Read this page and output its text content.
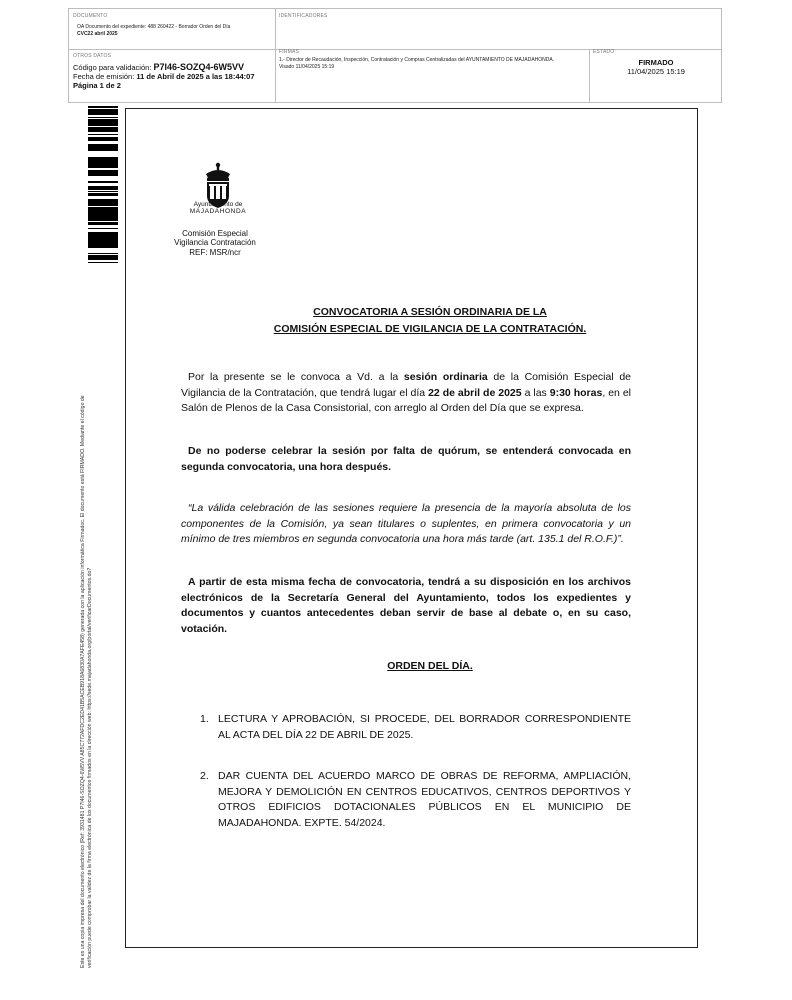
DOCUMENTO
OA Documento del expediente: 488 260422 - Borrador Orden del Día
CVC22 abril 2025
IDENTIFICADORES
OTROS DATOS
Código para validación: P7I46-SOZQ4-6W5VV
Fecha de emisión: 11 de Abril de 2025 a las 18:44:07
Página 1 de 2
FIRMAS
1.- Director de Recaudación, Inspección, Contratación y Compras Centralizadas del AYUNTAMIENTO DE MAJADAHONDA. Visado 11/04/2025 15:19
ESTADO
FIRMADO
11/04/2025 15:19
Este es una copia impresa del documento electrónico (Ref: 3931481 P7I46-SOZQ4-6W5VV A85C772AFDC2ED41B5ACEB918A6830A7AFE458) generada con la aplicación informática Firmadoc. El documento está FIRMADO. Mediante el código de verificación puede comprobar la validez de la firma electrónica de los documentos firmados en la dirección web: https://sede.majadahonda.org/portal/verificarDocumentos.do?
Ayuntamiento de
MAJADAHONDA
Comisión Especial
Vigilancia Contratación
REF: MSR/ncr
CONVOCATORIA A SESIÓN ORDINARIA DE LA
COMISIÓN ESPECIAL DE VIGILANCIA DE LA CONTRATACIÓN.
Por la presente se le convoca a Vd. a la sesión ordinaria de la Comisión Especial de Vigilancia de la Contratación, que tendrá lugar el día 22 de abril de 2025 a las 9:30 horas, en el Salón de Plenos de la Casa Consistorial, con arreglo al Orden del Día que se expresa.
De no poderse celebrar la sesión por falta de quórum, se entenderá convocada en segunda convocatoria, una hora después.
“La válida celebración de las sesiones requiere la presencia de la mayoría absoluta de los componentes de la Comisión, ya sean titulares o suplentes, en primera convocatoria y un mínimo de tres miembros en segunda convocatoria una hora más tarde (art. 135.1 del R.O.F.)”.
A partir de esta misma fecha de convocatoria, tendrá a su disposición en los archivos electrónicos de la Secretaría General del Ayuntamiento, todos los expedientes y documentos y cuantos antecedentes deban servir de base al debate o, en su caso, votación.
ORDEN DEL DÍA.
1. LECTURA Y APROBACIÓN, SI PROCEDE, DEL BORRADOR CORRESPONDIENTE AL ACTA DEL DÍA 22 DE ABRIL DE 2025.
2. DAR CUENTA DEL ACUERDO MARCO DE OBRAS DE REFORMA, AMPLIACIÓN, MEJORA Y DEMOLICIÓN EN CENTROS EDUCATIVOS, CENTROS DEPORTIVOS Y OTROS EDIFICIOS DOTACIONALES PÚBLICOS EN EL MUNICIPIO DE MAJADAHONDA. EXPTE. 54/2024.
